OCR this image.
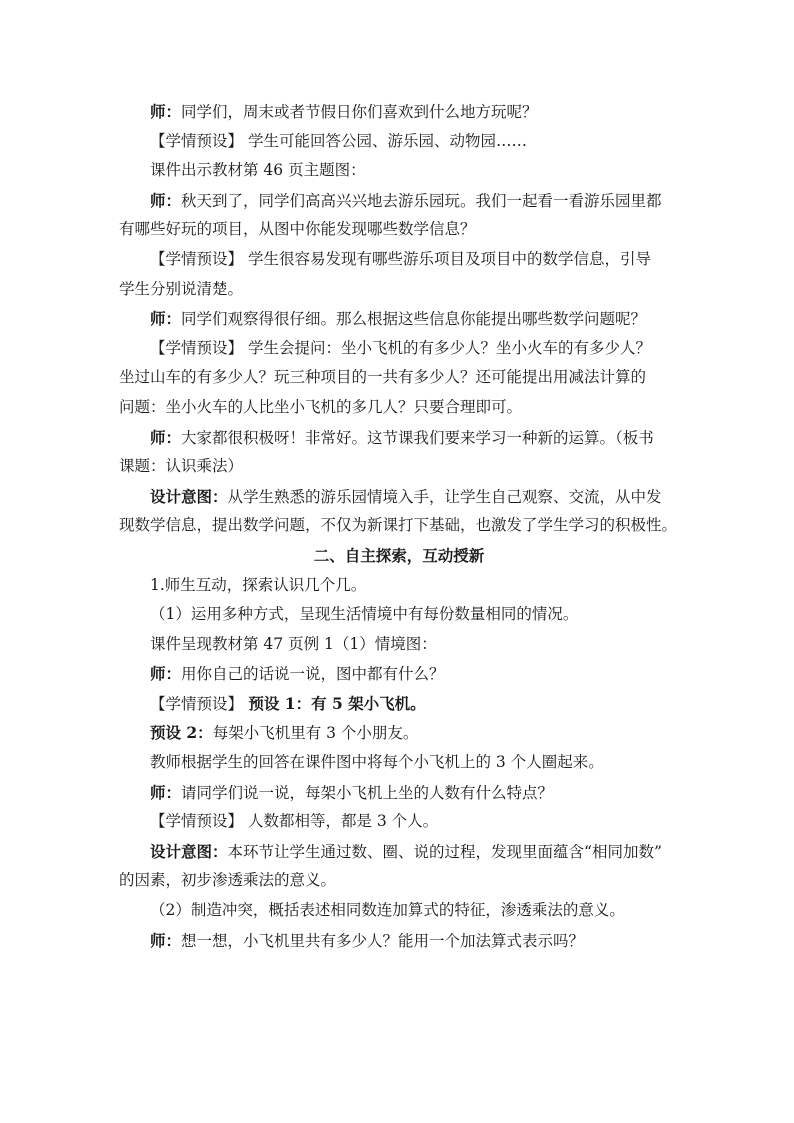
师：同学们，周末或者节假日你们喜欢到什么地方玩呢？
【学情预设】 学生可能回答公园、游乐园、动物园……
课件出示教材第 46 页主题图：
师：秋天到了，同学们高高兴兴地去游乐园玩。我们一起看一看游乐园里都
有哪些好玩的项目，从图中你能发现哪些数学信息？
【学情预设】 学生很容易发现有哪些游乐项目及项目中的数学信息，引导
学生分别说清楚。
师：同学们观察得很仔细。那么根据这些信息你能提出哪些数学问题呢？
【学情预设】 学生会提问：坐小飞机的有多少人？坐小火车的有多少人？
坐过山车的有多少人？玩三种项目的一共有多少人？还可能提出用减法计算的
问题：坐小火车的人比坐小飞机的多几人？只要合理即可。
师：大家都很积极呀！非常好。这节课我们要来学习一种新的运算。（板书
课题：认识乘法）
设计意图：从学生熟悉的游乐园情境入手，让学生自己观察、交流，从中发
现数学信息，提出数学问题，不仅为新课打下基础，也激发了学生学习的积极性。
二、自主探索，互动授新
1.师生互动，探索认识几个几。
（1）运用多种方式，呈现生活情境中有每份数量相同的情况。
课件呈现教材第 47 页例 1（1）情境图：
师：用你自己的话说一说，图中都有什么？
【学情预设】 预设 1：有 5 架小飞机。
预设 2：每架小飞机里有 3 个小朋友。
教师根据学生的回答在课件图中将每个小飞机上的 3 个人圈起来。
师：请同学们说一说，每架小飞机上坐的人数有什么特点？
【学情预设】 人数都相等，都是 3 个人。
设计意图：本环节让学生通过数、圈、说的过程，发现里面蕴含“相同加数”
的因素，初步渗透乘法的意义。
（2）制造冲突，概括表述相同数连加算式的特征，渗透乘法的意义。
师：想一想，小飞机里共有多少人？能用一个加法算式表示吗？
